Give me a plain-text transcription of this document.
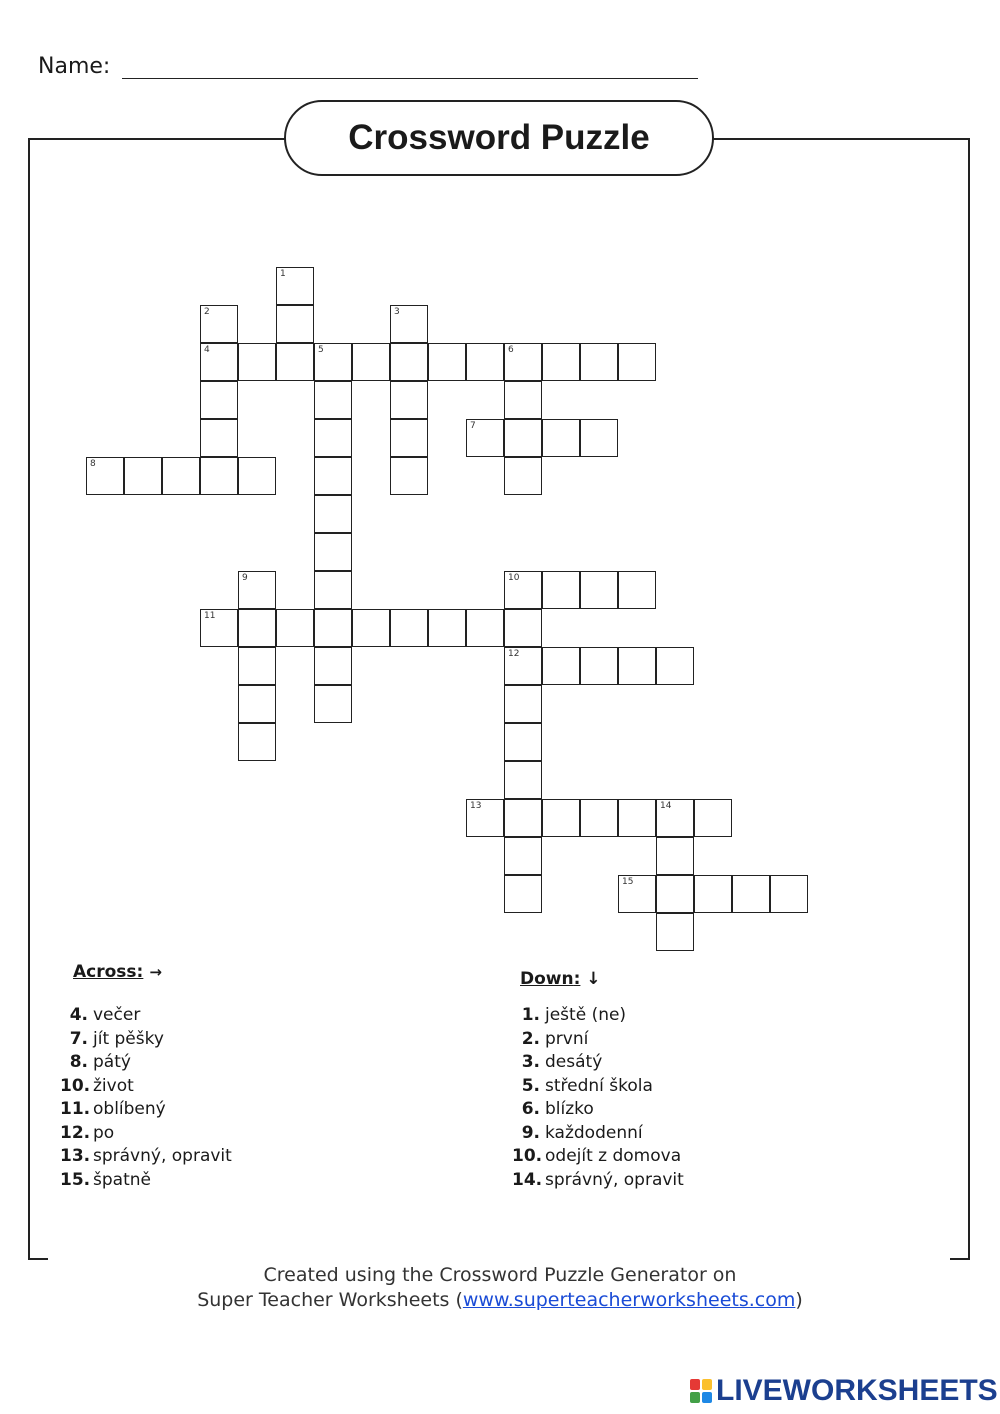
Name:
Crossword Puzzle
1
2	3
4	5	6
7
8
9	10
11
12
13	14
15
Across: →
4. večer
7. jít pěšky
8. pátý
10. život
11. oblíbený
12. po
13. správný, opravit
15. špatně
Down: ↓
1. ještě (ne)
2. první
3. desátý
5. střední škola
6. blízko
9. každodenní
10. odejít z domova
14. správný, opravit
Created using the Crossword Puzzle Generator on
Super Teacher Worksheets (www.superteacherworksheets.com)
LIVEWORKSHEETS
